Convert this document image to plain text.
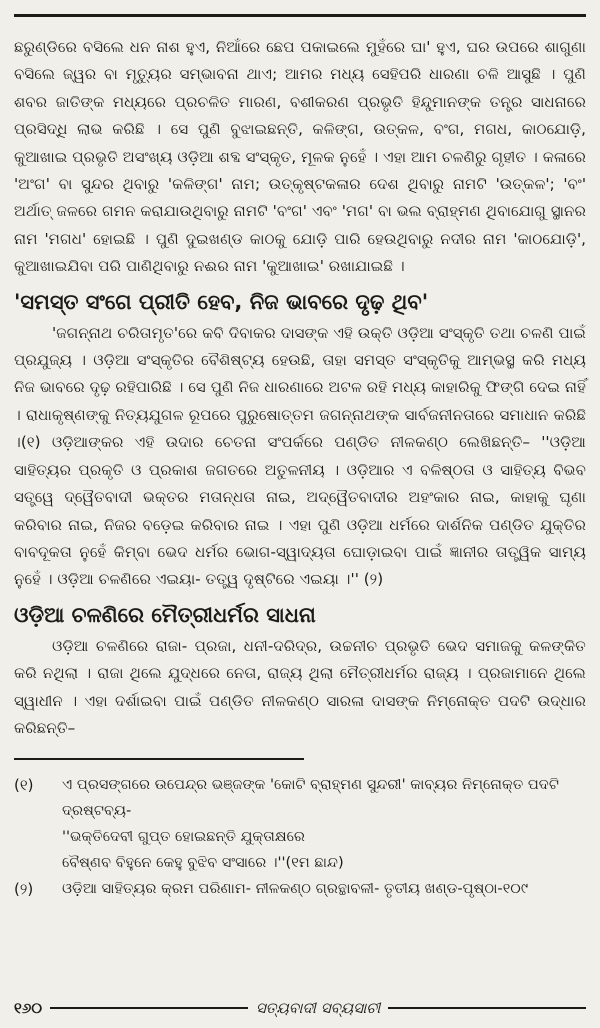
ଛରୁଣ୍ଡିରେ ବସିଲେ ଧନ ନାଶ ହୁଏ, ନିଆଁରେ ଛେପ ପକାଇଲେ ମୁହଁରେ ଘା' ହୁଏ, ଘର ଉପରେ ଶାଗୁଣା ବସିଲେ ଜ୍ୱର ବା ମୃତ୍ୟୁର ସମ୍ଭାବନା ଥାଏ; ଆମର ମଧ୍ୟ ସେହିପରି ଧାରଣା ଚଳି ଆସୁଛି । ପୁଣି ଶବର ଜାତିଙ୍କ ମଧ୍ୟରେ ପ୍ରଚଳିତ ମାରଣ, ବଶୀକରଣ ପ୍ରଭୃତି ହିନ୍ଦୁମାନଙ୍କ ତନ୍ତ୍ର ସାଧନାରେ ପ୍ରସିଦ୍ଧି ଲାଭ କରିଛି । ସେ ପୁଣି ବୁଝାଇଛନ୍ତି, କଳିଙ୍ଗ, ଉତ୍କଳ, ବଂଗ, ମଗଧ, କାଠଯୋଡ଼ି, କୁଆଖାଇ ପ୍ରଭୃତି ଅସଂଖ୍ୟ ଓଡ଼ିଆ ଶବ୍ଦ ସଂସ୍କୃତ, ମୂଳକ ନୁହେଁ । ଏହା ଆମ ଚଳଣିରୁ ଗୃହୀତ । କଳାରେ 'ଅଂଗ' ବା ସୁନ୍ଦର ଥିବାରୁ 'କଳିଙ୍ଗ' ନାମ; ଉତ୍କୃଷ୍ଟକଳାର ଦେଶ ଥିବାରୁ ନାମଟି 'ଉତ୍କଳ'; 'ବଂ' ଅର୍ଥାତ୍ ଜଳରେ ଗମନ କରାଯାଉଥିବାରୁ ନାମଟି 'ବଂଗ' ଏବଂ 'ମଗ' ବା ଭଲ ବ୍ରାହ୍ମଣ ଥିବାଯୋଗୁ ସ୍ଥାନର ନାମ 'ମଗଧ' ହୋଇଛି । ପୁଣି ଦୁଇଖଣ୍ଡ କାଠକୁ ଯୋଡ଼ି ପାରି ହେଉଥିବାରୁ ନଦୀର ନାମ 'କାଠଯୋଡ଼ି', କୁଆଖାଇଯିବା ପରି ପାଣିଥିବାରୁ ନଈର ନାମ 'କୁଆଖାଇ' ରଖାଯାଇଛି ।

'ସମସ୍ତ ସଂଗେ ପ୍ରୀତି ହେବ, ନିଜ ଭାବରେ ଦୃଢ଼ ଥିବ'

'ଜଗନ୍ନାଥ ଚରିତାମୃତ'ରେ କବି ଦିବାକର ଦାସଙ୍କ ଏହି ଉକ୍ତି ଓଡ଼ିଆ ସଂସ୍କୃତି ତଥା ଚଳଣି ପାଇଁ ପ୍ରଯୁଜ୍ୟ । ଓଡ଼ିଆ ସଂସ୍କୃତିର ବୈଶିଷ୍ଟ୍ୟ ହେଉଛି, ତାହା ସମସ୍ତ ସଂସ୍କୃତିକୁ ଆମ୍ଭସ୍ଥ କରି ମଧ୍ୟ ନିଜ ଭାବରେ ଦୃଢ଼ ରହିପାରିଛି । ସେ ପୁଣି ନିଜ ଧାରଣାରେ ଅଟଳ ରହି ମଧ୍ୟ କାହାରିକୁ ଫିଙ୍ଗି ଦେଇ ନାହିଁ । ରାଧାକୃଷ୍ଣଙ୍କୁ ନିତ୍ୟଯୁଗଳ ରୂପରେ ପୁରୁଷୋତ୍ତମ ଜଗନ୍ନାଥଙ୍କ ସାର୍ବଜନୀନତାରେ ସମାଧାନ କରିଛି ।(୧) ଓଡ଼ିଆଙ୍କର ଏହି ଉଦାର ଚେତନା ସଂପର୍କରେ ପଣ୍ଡିତ ନୀଳକଣ୍ଠ ଲେଖିଛନ୍ତି– ''ଓଡ଼ିଆ ସାହିତ୍ୟର ପ୍ରକୃତି ଓ ପ୍ରକାଶ ଜଗତରେ ଅତୁଳନୀୟ । ଓଡ଼ିଆର ଏ ବଳିଷ୍ଠତା ଓ ସାହିତ୍ୟ ବିଭବ ସତ୍ତ୍ୱେ ଦ୍ୱୈତବାଦୀ ଭକ୍ତର ମତାନ୍ଧତା ନାଇ, ଅଦ୍ୱୈତବାଦୀର ଅହଂକାର ନାଇ, କାହାକୁ ଘୃଣା କରିବାର ନାଇ, ନିଜର ବଡ଼େଇ କରିବାର ନାଇ । ଏହା ପୁଣି ଓଡ଼ିଆ ଧର୍ମରେ ଦାର୍ଶନିକ ପଣ୍ଡିତ ଯୁକ୍ତିର ବାବଦୂକତା ନୁହେଁ କିମ୍ବା ଭେଦ ଧର୍ମର ଭୋଗ-ସ୍ୱାଦ୍ୟତା ଘୋଡ଼ାଇବା ପାଇଁ ଜ୍ଞାନୀର ତାତ୍ତ୍ୱିକ ସାମ୍ୟ ନୁହେଁ । ଓଡ଼ିଆ ଚଳଣିରେ ଏଇୟା- ତତ୍ତ୍ୱ ଦୃଷ୍ଟିରେ ଏଇୟା ।'' (୨)

ଓଡ଼ିଆ ଚଳଣିରେ ମୈତ୍ରୀଧର୍ମର ସାଧନା

ଓଡ଼ିଆ ଚଳଣିରେ ରାଜା- ପ୍ରଜା, ଧନୀ-ଦରିଦ୍ର, ଉଚ୍ଚନୀଚ ପ୍ରଭୃତି ଭେଦ ସମାଜକୁ କଳଙ୍କିତ କରି ନଥିଲା । ରାଜା ଥିଲେ ଯୁଦ୍ଧରେ ନେତା, ରାଜ୍ୟ ଥିଲା ମୈତ୍ରୀଧର୍ମର ରାଜ୍ୟ । ପ୍ରଜାମାନେ ଥିଲେ ସ୍ୱାଧୀନ । ଏହା ଦର୍ଶାଇବା ପାଇଁ ପଣ୍ଡିତ ନୀଳକଣ୍ଠ ସାରଳା ଦାସଙ୍କ ନିମ୍ନୋକ୍ତ ପଦଟି ଉଦ୍ଧାର କରିଛନ୍ତି–

(୧)	ଏ ପ୍ରସଙ୍ଗରେ ଉପେନ୍ଦ୍ର ଭଞ୍ଜଙ୍କ 'କୋଟି ବ୍ରାହ୍ମଣ ସୁନ୍ଦରୀ' କାବ୍ୟର ନିମ୍ନୋକ୍ତ ପଦଟି ଦ୍ରଷ୍ଟବ୍ୟ-
''ଭକ୍ତିଦେବୀ ଗୁପ୍ତ ହୋଇଛନ୍ତି ଯୁକ୍ତାକ୍ଷରେ
ବୈଷ୍ଣବ ବିହୁନେ କେହୁ ବୁଝିବ ସଂସାରେ ।''(୧ମ ଛାନ୍ଦ)
(୨)	ଓଡ଼ିଆ ସାହିତ୍ୟର କ୍ରମ ପରିଣାମ- ନୀଳକଣ୍ଠ ଗ୍ରନ୍ଥାବଳୀ- ତୃତୀୟ ଖଣ୍ଡ-ପୃଷ୍ଠା-୧୦୯
୧୬୦	ସତ୍ୟବାଦୀ ସବ୍ୟସାଚୀ
